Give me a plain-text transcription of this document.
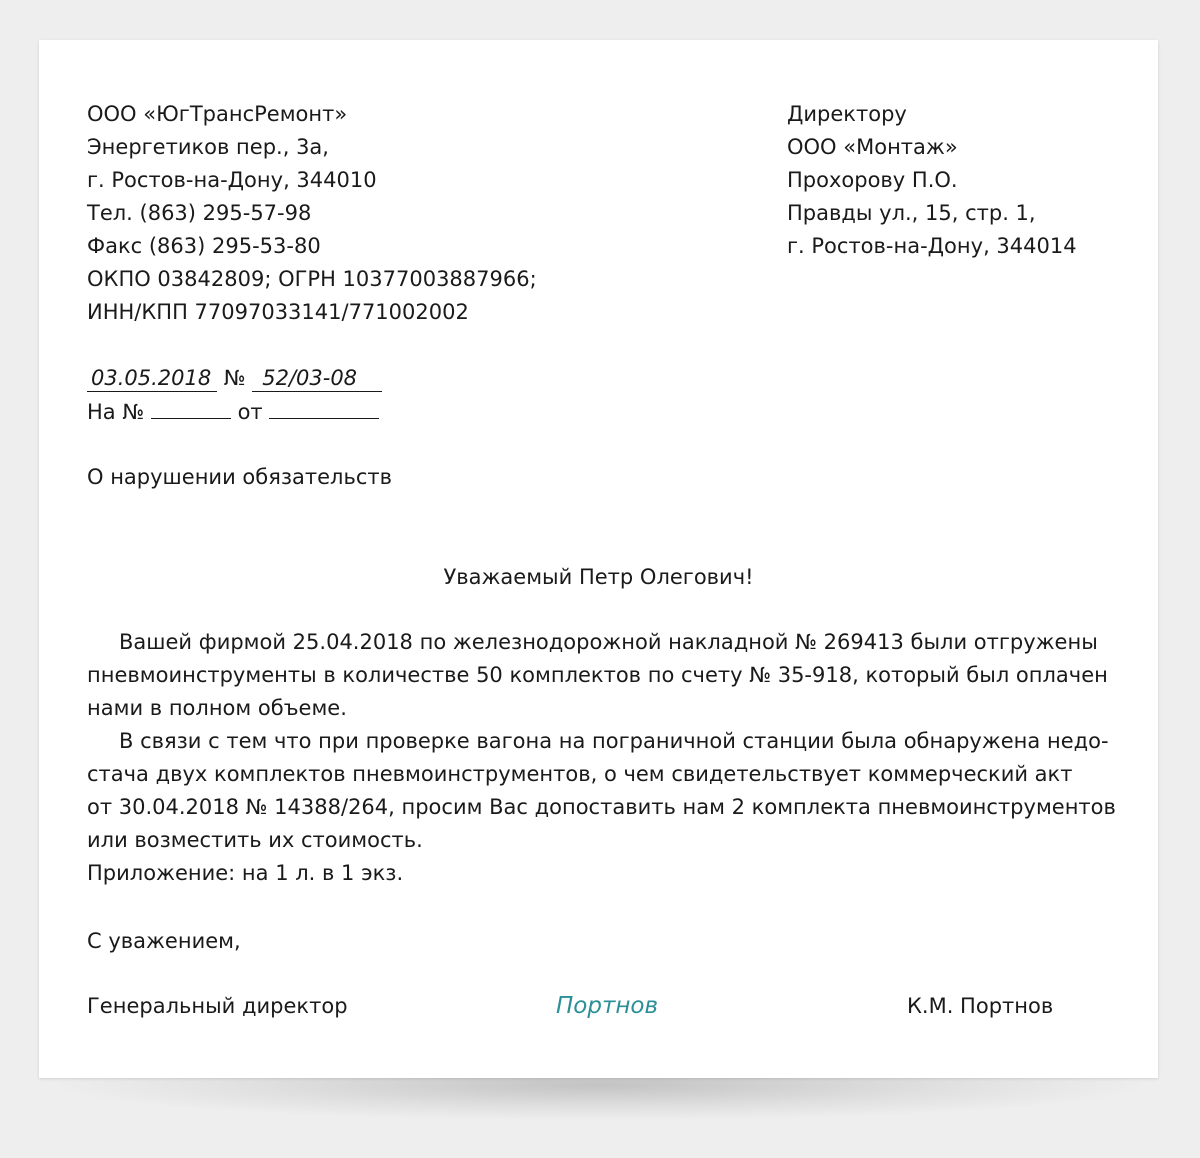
ООО «ЮгТрансРемонт»
Энергетиков пер., 3а,
г. Ростов-на-Дону, 344010
Тел. (863) 295-57-98
Факс (863) 295-53-80
ОКПО 03842809; ОГРН 10377003887966;
ИНН/КПП 77097033141/771002002
Директору
ООО «Монтаж»
Прохорову П.О.
Правды ул., 15, стр. 1,
г. Ростов-на-Дону, 344014
03.05.2018 № 52/03-08
На №	от
О нарушении обязательств
Уважаемый Петр Олегович!
Вашей фирмой 25.04.2018 по железнодорожной накладной № 269413 были отгружены
пневмоинструменты в количестве 50 комплектов по счету № 35-918, который был оплачен
нами в полном объеме.
В связи с тем что при проверке вагона на пограничной станции была обнаружена недо-
стача двух комплектов пневмоинструментов, о чем свидетельствует коммерческий акт
от 30.04.2018 № 14388/264, просим Вас допоставить нам 2 комплекта пневмоинструментов
или возместить их стоимость.
Приложение: на 1 л. в 1 экз.
С уважением,
Генеральный директор	Портнов	К.М. Портнов
